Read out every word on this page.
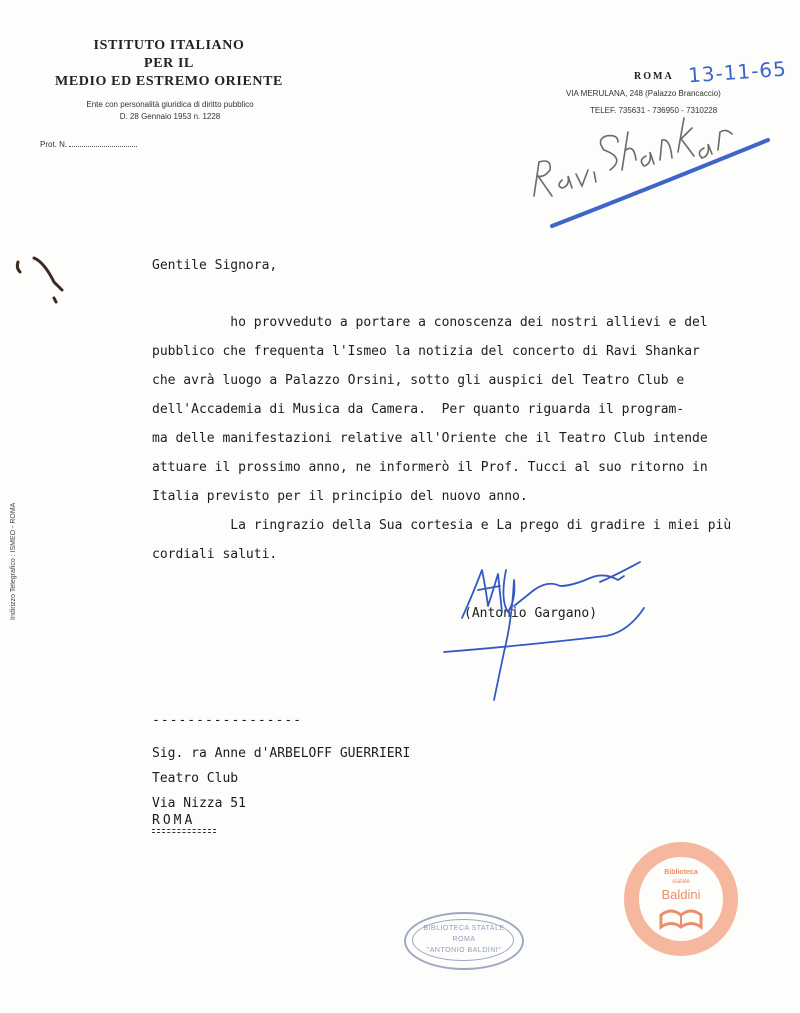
ISTITUTO ITALIANO
PER IL
MEDIO ED ESTREMO ORIENTE
Ente con personalità giuridica di diritto pubblico
D. 28 Gennaio 1953 n. 1228
Prot. N.
ROMA
VIA MERULANA, 248 (Palazzo Brancaccio)
TELEF. 735631 - 736950 - 7310228
13-11-65
Indirizzo Telegrafico : ISMEO - ROMA
Gentile Signora,
ho provveduto a portare a conoscenza dei nostri allievi e del
pubblico che frequenta l'Ismeo la notizia del concerto di Ravi Shankar
che avrà luogo a Palazzo Orsini, sotto gli auspici del Teatro Club e
dell'Accademia di Musica da Camera.  Per quanto riguarda il program-
ma delle manifestazioni relative all'Oriente che il Teatro Club intende
attuare il prossimo anno, ne informerò il Prof. Tucci al suo ritorno in
Italia previsto per il principio del nuovo anno.
La ringrazio della Sua cortesia e La prego di gradire i miei più
cordiali saluti.
(Antonio Gargano)
-----------------
Sig. ra Anne d'ARBELOFF GUERRIERI
Teatro Club
Via Nizza 51
ROMA
Biblioteca
statale
Baldini
BIBLIOTECA STATALE
ROMA
"ANTONIO BALDINI"
